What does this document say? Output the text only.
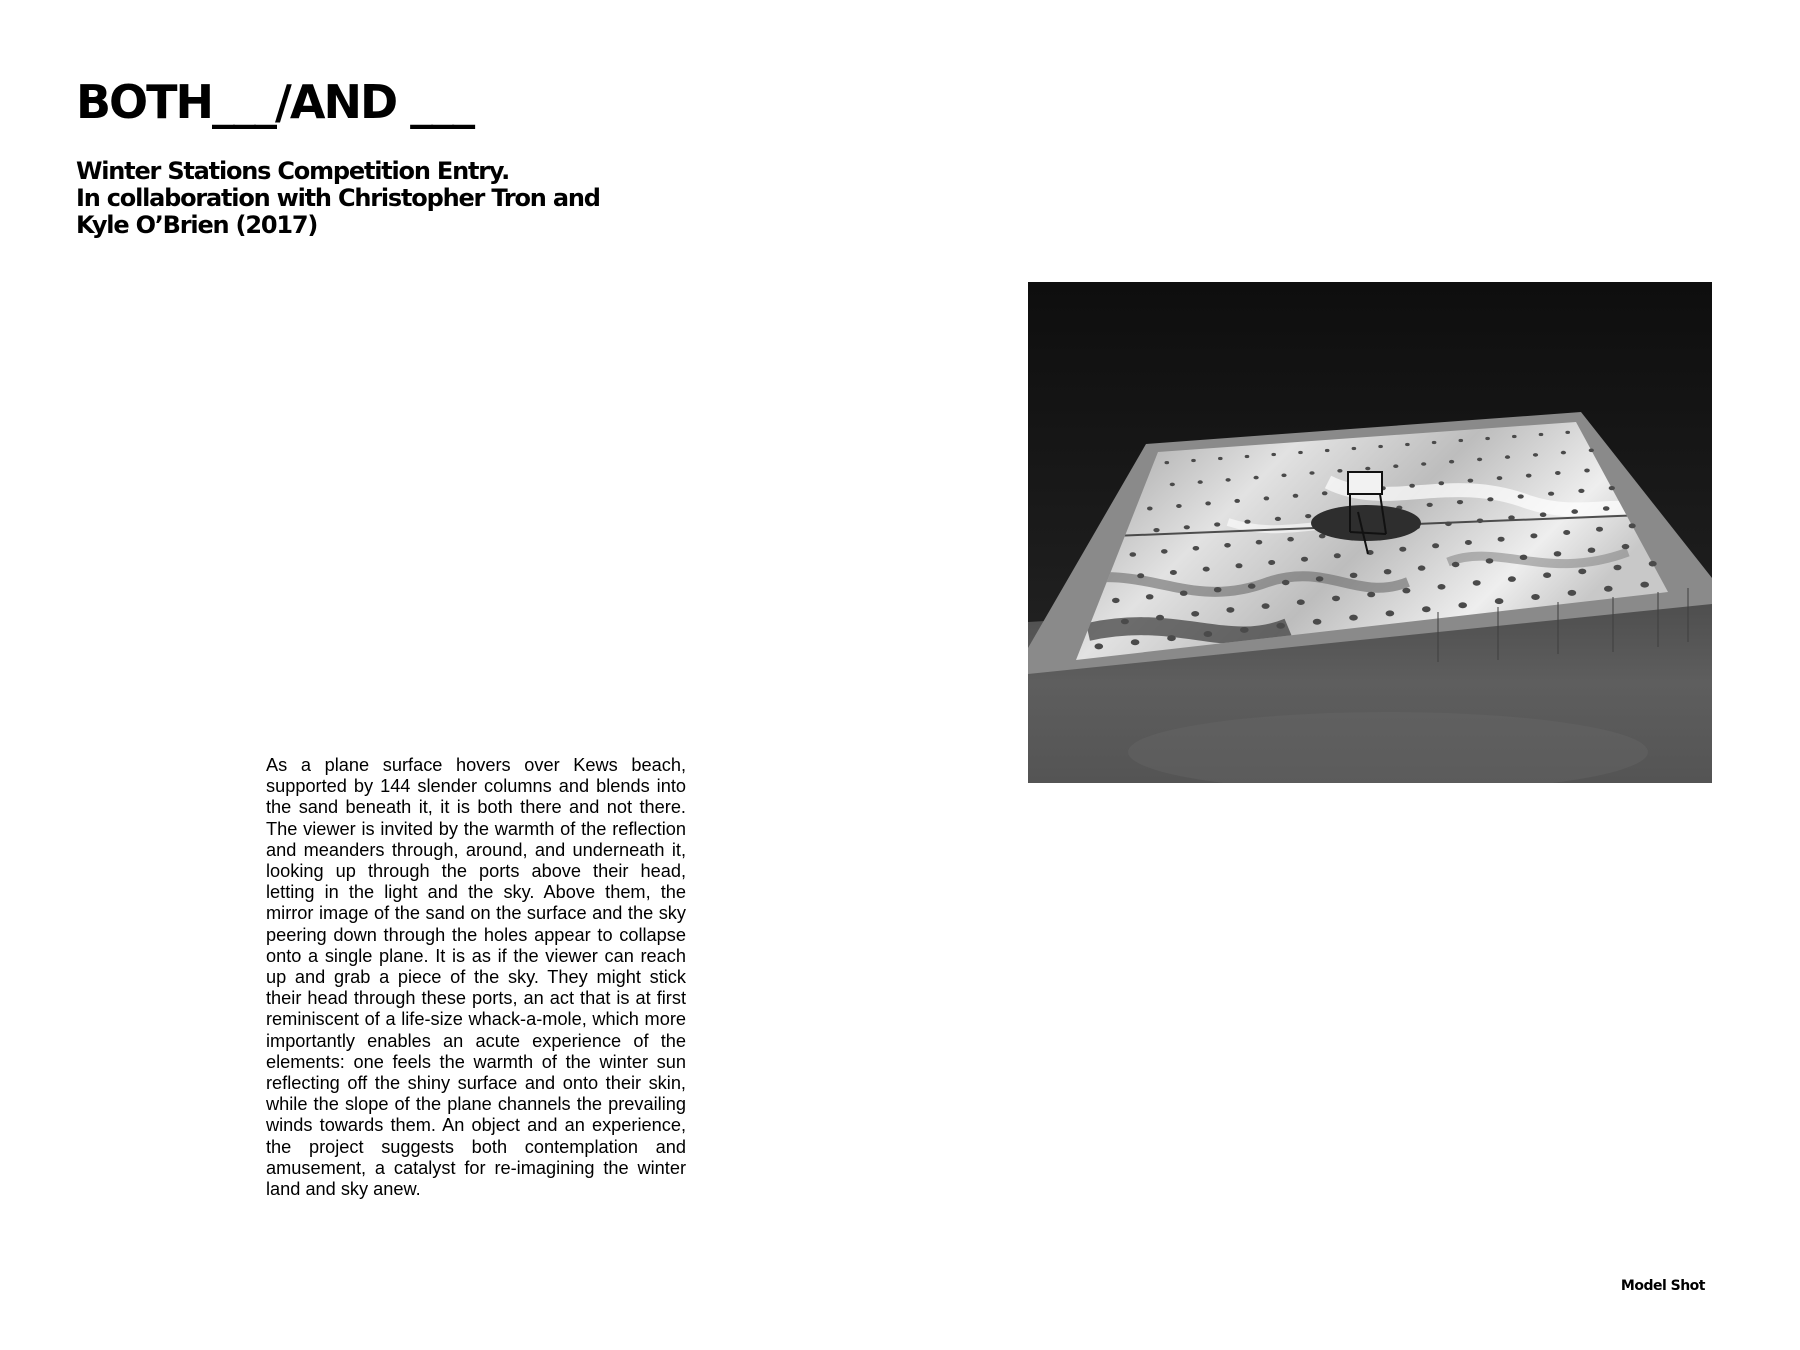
BOTH___/AND ___
Winter Stations Competition Entry.
In collaboration with Christopher Tron and
Kyle O’Brien (2017)

As a plane surface hovers over Kews beach, supported by 144 slender columns and blends into the sand beneath it, it is both there and not there. The viewer is invited by the warmth of the reflection and meanders through, around, and underneath it, looking up through the ports above their head, letting in the light and the sky. Above them, the mirror image of the sand on the surface and the sky peering down through the holes appear to collapse onto a single plane. It is as if the viewer can reach up and grab a piece of the sky. They might stick their head through these ports, an act that is at first reminiscent of a life-size whack-a-mole, which more importantly enables an acute experience of the elements: one feels the warmth of the winter sun reflecting off the shiny surface and onto their skin, while the slope of the plane channels the prevailing winds towards them. An object and an experience, the project suggests both contemplation and amusement, a catalyst for re-imagining the winter land and sky anew.

Model Shot
